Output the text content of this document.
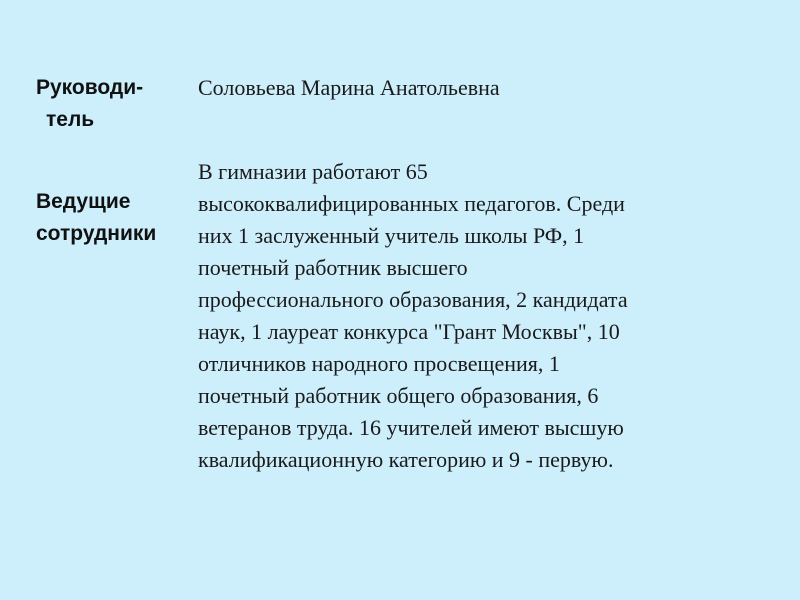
Руководи-
тель
Соловьева Марина Анатольевна
Ведущие
сотрудники
В гимназии работают 65
высококвалифицированных педагогов. Среди
них 1 заслуженный учитель школы РФ, 1
почетный работник высшего
профессионального образования, 2 кандидата
наук, 1 лауреат конкурса "Грант Москвы", 10
отличников народного просвещения, 1
почетный работник общего образования, 6
ветеранов труда. 16 учителей имеют высшую
квалификационную категорию и 9 - первую.
